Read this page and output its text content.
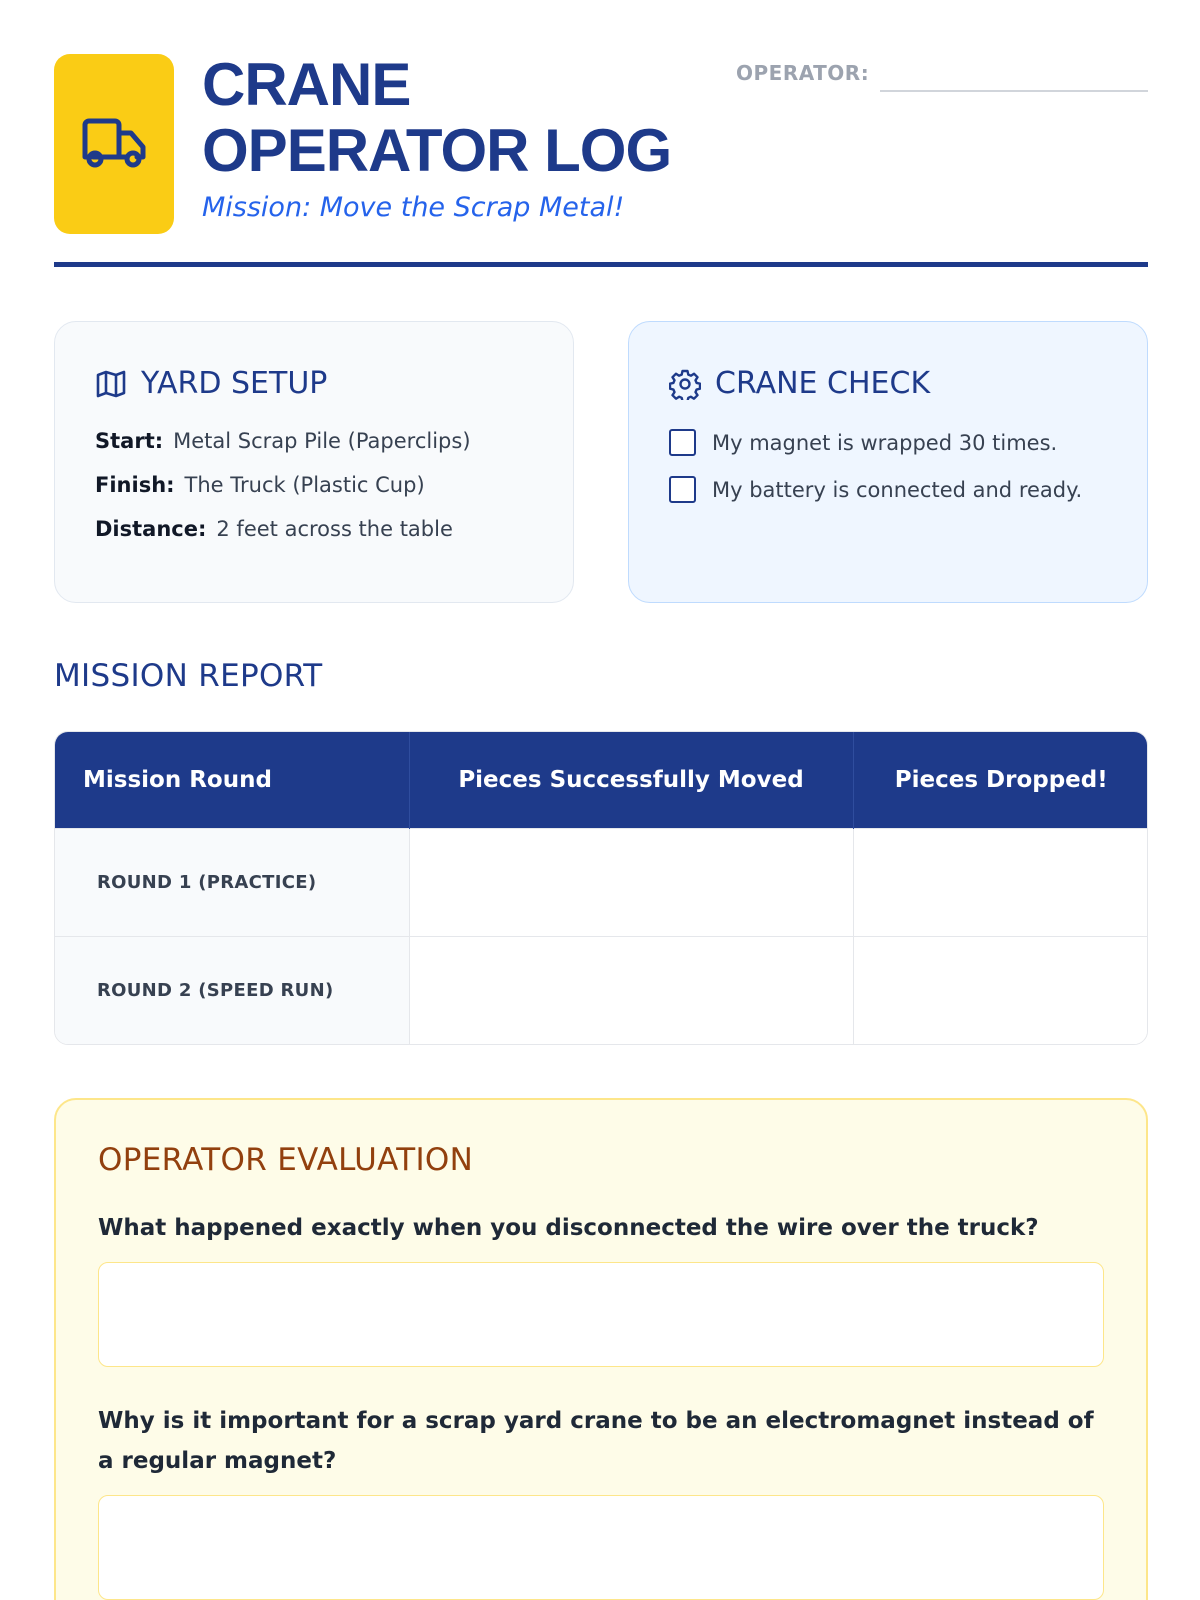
CRANE
OPERATOR LOG
Mission: Move the Scrap Metal!
OPERATOR:
YARD SETUP
Start: Metal Scrap Pile (Paperclips)
Finish: The Truck (Plastic Cup)
Distance: 2 feet across the table
CRANE CHECK
My magnet is wrapped 30 times.
My battery is connected and ready.
MISSION REPORT
Mission Round	Pieces Successfully Moved	Pieces Dropped!
ROUND 1 (PRACTICE)		
ROUND 2 (SPEED RUN)		
OPERATOR EVALUATION
What happened exactly when you disconnected the wire over the truck?
Why is it important for a scrap yard crane to be an electromagnet instead of a regular magnet?
